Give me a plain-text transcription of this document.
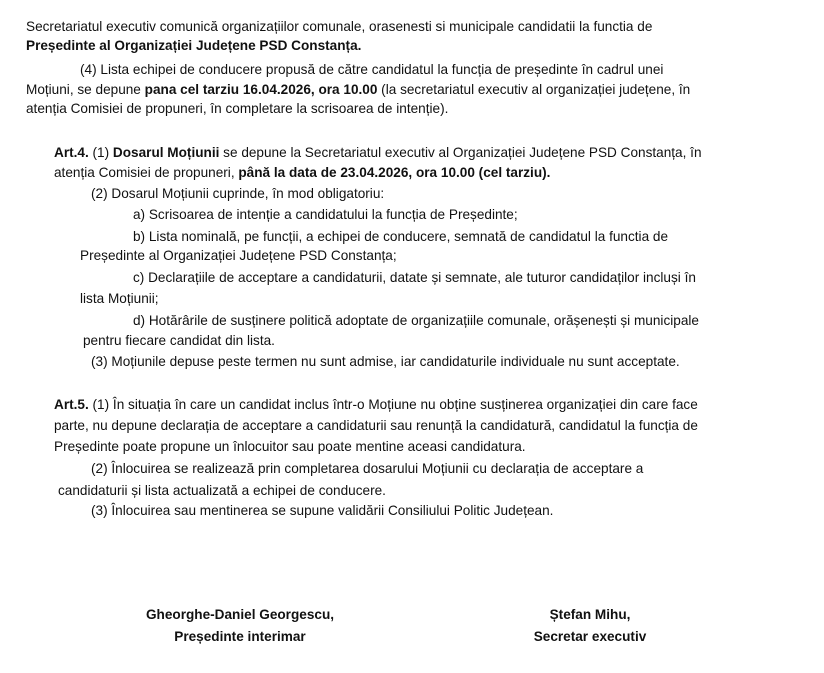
Secretariatul executiv comunică organizațiilor comunale, orasenesti si municipale candidatii la functia de
Președinte al Organizației Județene PSD Constanța.
(4) Lista echipei de conducere propusă de către candidatul la funcția de președinte în cadrul unei
Moțiuni, se depune pana cel tarziu 16.04.2026, ora 10.00 (la secretariatul executiv al organizației județene, în
atenția Comisiei de propuneri, în completare la scrisoarea de intenție).
Art.4. (1) Dosarul Moțiunii se depune la Secretariatul executiv al Organizației Județene PSD Constanța, în
atenția Comisiei de propuneri, până la data de 23.04.2026, ora 10.00 (cel tarziu).
(2) Dosarul Moțiunii cuprinde, în mod obligatoriu:
a) Scrisoarea de intenție a candidatului la funcția de Președinte;
b) Lista nominală, pe funcții, a echipei de conducere, semnată de candidatul la functia de
Președinte al Organizației Județene PSD Constanța;
c) Declarațiile de acceptare a candidaturii, datate și semnate, ale tuturor candidaților incluși în
lista Moțiunii;
d) Hotărârile de susținere politică adoptate de organizațiile comunale, orășenești și municipale
pentru fiecare candidat din lista.
(3) Moțiunile depuse peste termen nu sunt admise, iar candidaturile individuale nu sunt acceptate.
Art.5. (1) În situația în care un candidat inclus într-o Moțiune nu obține susținerea organizației din care face
parte, nu depune declarația de acceptare a candidaturii sau renunță la candidatură, candidatul la funcția de
Președinte poate propune un înlocuitor sau poate mentine aceasi candidatura.
(2) Înlocuirea se realizează prin completarea dosarului Moțiunii cu declarația de acceptare a
candidaturii și lista actualizată a echipei de conducere.
(3) Înlocuirea sau mentinerea se supune validării Consiliului Politic Județean.
Gheorghe-Daniel Georgescu,
Președinte interimar
Ștefan Mihu,
Secretar executiv
